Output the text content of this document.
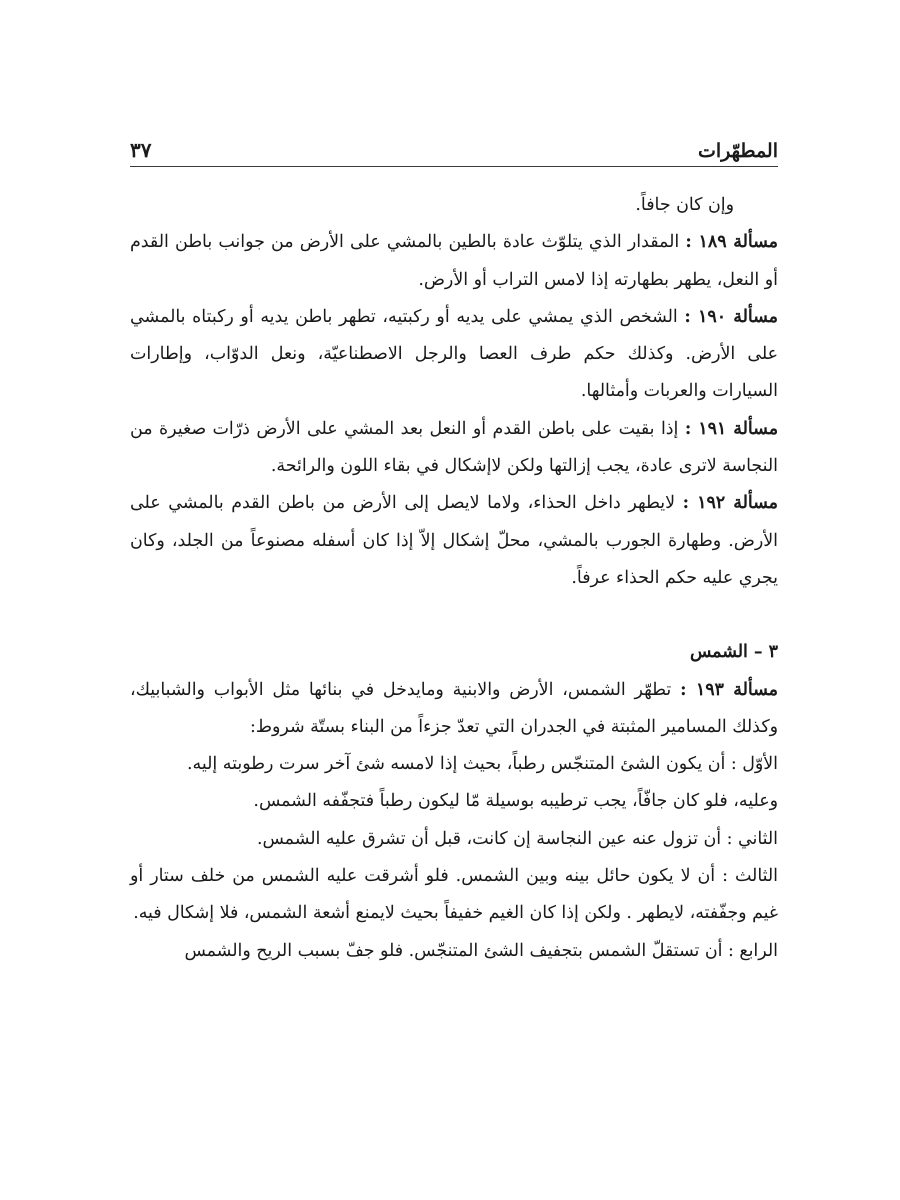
المطهّرات
٣٧

وإن كان جافاً.

مسألة ١٨٩ : المقدار الذي يتلوّث عادة بالطين بالمشي على الأرض من جوانب باطن القدم أو النعل، يطهر بطهارته إذا لامس التراب أو الأرض.

مسألة ١٩٠ : الشخص الذي يمشي على يديه أو ركبتيه، تطهر باطن يديه أو ركبتاه بالمشي على الأرض. وكذلك حكم طرف العصا والرجل الاصطناعيّة، ونعل الدوّاب، وإطارات السيارات والعربات وأمثالها.

مسألة ١٩١ : إذا بقيت على باطن القدم أو النعل بعد المشي على الأرض ذرّات صغيرة من النجاسة لاترى عادة، يجب إزالتها ولكن لاإشكال في بقاء اللون والرائحة.

مسألة ١٩٢ : لايطهر داخل الحذاء، ولاما لايصل إلى الأرض من باطن القدم بالمشي على الأرض. وطهارة الجورب بالمشي، محلّ إشكال إلاّ إذا كان أسفله مصنوعاً من الجلد، وكان يجري عليه حكم الحذاء عرفاً.

٣ – الشمس

مسألة ١٩٣ : تطهّر الشمس، الأرض والابنية ومايدخل في بنائها مثل الأبواب والشبابيك، وكذلك المسامير المثبتة في الجدران التي تعدّ جزءاً من البناء بستّة شروط:

الأوّل : أن يكون الشئ المتنجّس رطباً، بحيث إذا لامسه شئ آخر سرت رطوبته إليه.

وعليه، فلو كان جافّاً، يجب ترطيبه بوسيلة مّا ليكون رطباً فتجفّفه الشمس.

الثاني : أن تزول عنه عين النجاسة إن كانت، قبل أن تشرق عليه الشمس.

الثالث : أن لا يكون حائل بينه وبين الشمس. فلو أشرقت عليه الشمس من خلف ستار أو غيم وجفّفته، لايطهر . ولكن إذا كان الغيم خفيفاً بحيث لايمنع أشعة الشمس، فلا إشكال فيه.

الرابع : أن تستقلّ الشمس بتجفيف الشئ المتنجّس. فلو جفّ بسبب الريح والشمس
